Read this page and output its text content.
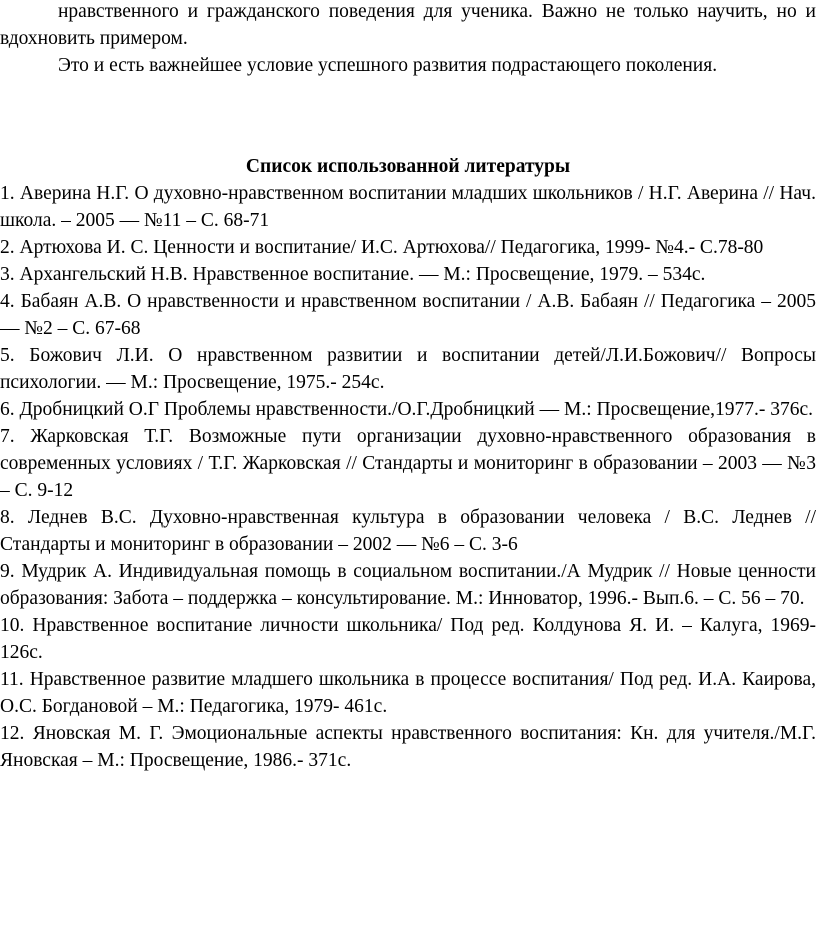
нравственного и гражданского поведения для ученика. Важно не только научить, но и вдохновить примером.

Это и есть важнейшее условие успешного развития подрастающего поколения.

Список использованной литературы

1. Аверина Н.Г. О духовно-нравственном воспитании младших школьников / Н.Г. Аверина // Нач. школа. – 2005 — №11 – С. 68-71

2. Артюхова И. С. Ценности и воспитание/ И.С. Артюхова// Педагогика, 1999- №4.- С.78-80

3. Архангельский Н.В. Нравственное воспитание. — М.: Просвещение, 1979. – 534с.

4. Бабаян А.В. О нравственности и нравственном воспитании / А.В. Бабаян // Педагогика – 2005 — №2 – С. 67-68

5. Божович Л.И. О нравственном развитии и воспитании детей/Л.И.Божович// Вопросы психологии. — М.: Просвещение, 1975.- 254с.

6. Дробницкий О.Г Проблемы нравственности./О.Г.Дробницкий — М.: Просвещение,1977.- 376с.

7. Жарковская Т.Г. Возможные пути организации духовно-нравственного образования в современных условиях / Т.Г. Жарковская // Стандарты и мониторинг в образовании – 2003 — №3 – С. 9-12

8. Леднев В.С. Духовно-нравственная культура в образовании человека / В.С. Леднев // Стандарты и мониторинг в образовании – 2002 — №6 – С. 3-6

9. Мудрик А. Индивидуальная помощь в социальном воспитании./А Мудрик // Новые ценности образования: Забота – поддержка – консультирование. М.: Инноватор, 1996.- Вып.6. – С. 56 – 70.

10. Нравственное воспитание личности школьника/ Под ред. Колдунова Я. И. – Калуга, 1969-126с.

11. Нравственное развитие младшего школьника в процессе воспитания/ Под ред. И.А. Каирова, О.С. Богдановой – М.: Педагогика, 1979- 461с.

12. Яновская М. Г. Эмоциональные аспекты нравственного воспитания: Кн. для учителя./М.Г. Яновская – М.: Просвещение, 1986.- 371с.
